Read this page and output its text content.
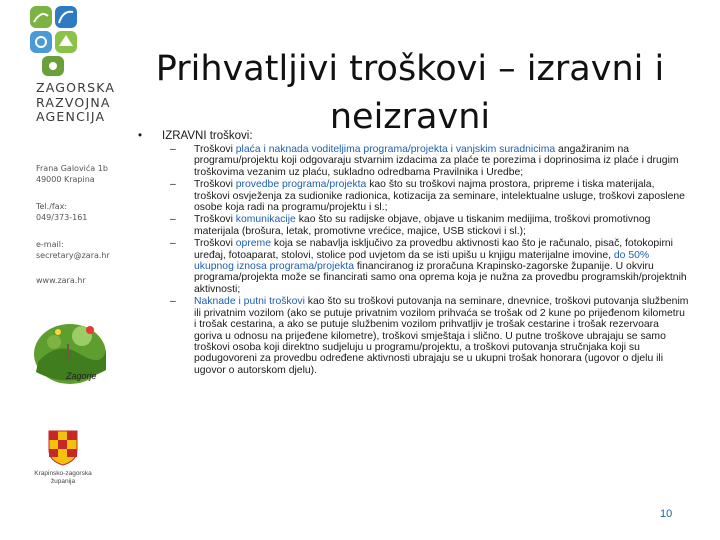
ZAGORSKA
RAZVOJNA
AGENCIJA
Frana Galovića 1b
49000 Krapina
Tel./fax:
049/373-161
e-mail:
secretary@zara.hr
www.zara.hr
Zagorje
Krapinsko-zagorska
županija
Prihvatljivi troškovi – izravni i neizravni
•	IZRAVNI troškovi:
– Troškovi plaća i naknada voditeljima programa/projekta i vanjskim suradnicima angažiranim na programu/projektu koji odgovaraju stvarnim izdacima za plaće te porezima i doprinosima iz plaće i drugim troškovima vezanim uz plaću, sukladno odredbama Pravilnika i Uredbe;
– Troškovi provedbe programa/projekta kao što su troškovi najma prostora, pripreme i tiska materijala, troškovi osvježenja za sudionike radionica, kotizacija za seminare, intelektualne usluge, troškovi zaposlene osobe koja radi na programu/projektu i sl.;
– Troškovi komunikacije kao što su radijske objave, objave u tiskanim medijima, troškovi promotivnog materijala (brošura, letak, promotivne vrećice, majice, USB stickovi i sl.);
– Troškovi opreme koja se nabavlja isključivo za provedbu aktivnosti kao što je računalo, pisač, fotokopirni uređaj, fotoaparat, stolovi, stolice pod uvjetom da se isti upišu u knjigu materijalne imovine, do 50% ukupnog iznosa programa/projekta financiranog iz proračuna Krapinsko-zagorske županije. U okviru programa/projekta može se financirati samo ona oprema koja je nužna za provedbu programskih/projektnih aktivnosti;
– Naknade i putni troškovi kao što su troškovi putovanja na seminare, dnevnice, troškovi putovanja službenim ili privatnim vozilom (ako se putuje privatnim vozilom prihvaća se trošak od 2 kune po prijeđenom kilometru i trošak cestarina, a ako se putuje službenim vozilom prihvatljiv je trošak cestarine i trošak rezervoara goriva u odnosu na prijeđene kilometre), troškovi smještaja i slično. U putne troškove ubrajaju se samo troškovi osoba koji direktno sudjeluju u programu/projektu, a troškovi putovanja stručnjaka koji su podugovoreni za provedbu određene aktivnosti ubrajaju se u ukupni trošak honorara (ugovor o djelu ili ugovor o autorskom djelu).
10
